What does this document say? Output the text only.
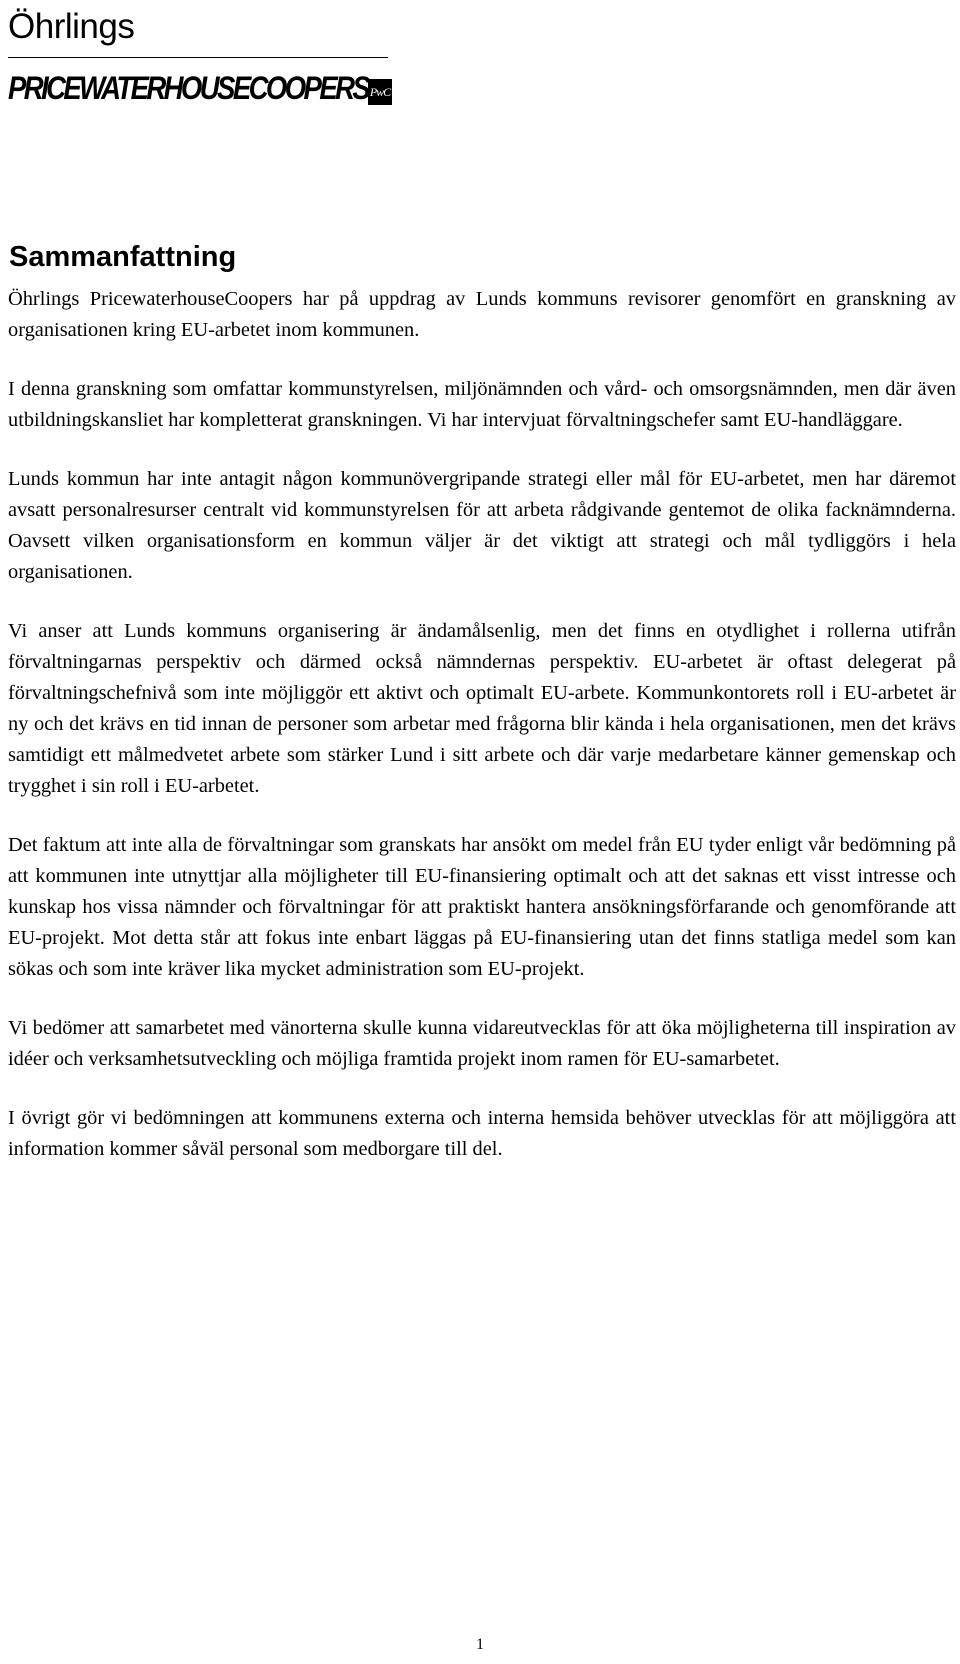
Öhrlings
PRICEWATERHOUSECOOPERS PwC
Sammanfattning

Öhrlings PricewaterhouseCoopers har på uppdrag av Lunds kommuns revisorer genomfört en granskning av organisationen kring EU-arbetet inom kommunen.

I denna granskning som omfattar kommunstyrelsen, miljönämnden och vård- och omsorgsnämnden, men där även utbildningskansliet har kompletterat granskningen. Vi har intervjuat förvaltningschefer samt EU-handläggare.

Lunds kommun har inte antagit någon kommunövergripande strategi eller mål för EU-arbetet, men har däremot avsatt personalresurser centralt vid kommunstyrelsen för att arbeta rådgivande gentemot de olika facknämnderna. Oavsett vilken organisationsform en kommun väljer är det viktigt att strategi och mål tydliggörs i hela organisationen.

Vi anser att Lunds kommuns organisering är ändamålsenlig, men det finns en otydlighet i rollerna utifrån förvaltningarnas perspektiv och därmed också nämndernas perspektiv. EU-arbetet är oftast delegerat på förvaltningschefnivå som inte möjliggör ett aktivt och optimalt EU-arbete. Kommunkontorets roll i EU-arbetet är ny och det krävs en tid innan de personer som arbetar med frågorna blir kända i hela organisationen, men det krävs samtidigt ett målmedvetet arbete som stärker Lund i sitt arbete och där varje medarbetare känner gemenskap och trygghet i sin roll i EU-arbetet.

Det faktum att inte alla de förvaltningar som granskats har ansökt om medel från EU tyder enligt vår bedömning på att kommunen inte utnyttjar alla möjligheter till EU-finansiering optimalt och att det saknas ett visst intresse och kunskap hos vissa nämnder och förvaltningar för att praktiskt hantera ansökningsförfarande och genomförande att EU-projekt. Mot detta står att fokus inte enbart läggas på EU-finansiering utan det finns statliga medel som kan sökas och som inte kräver lika mycket administration som EU-projekt.

Vi bedömer att samarbetet med vänorterna skulle kunna vidareutvecklas för att öka möjligheterna till inspiration av idéer och verksamhetsutveckling och möjliga framtida projekt inom ramen för EU-samarbetet.

I övrigt gör vi bedömningen att kommunens externa och interna hemsida behöver utvecklas för att möjliggöra att information kommer såväl personal som medborgare till del.

1
